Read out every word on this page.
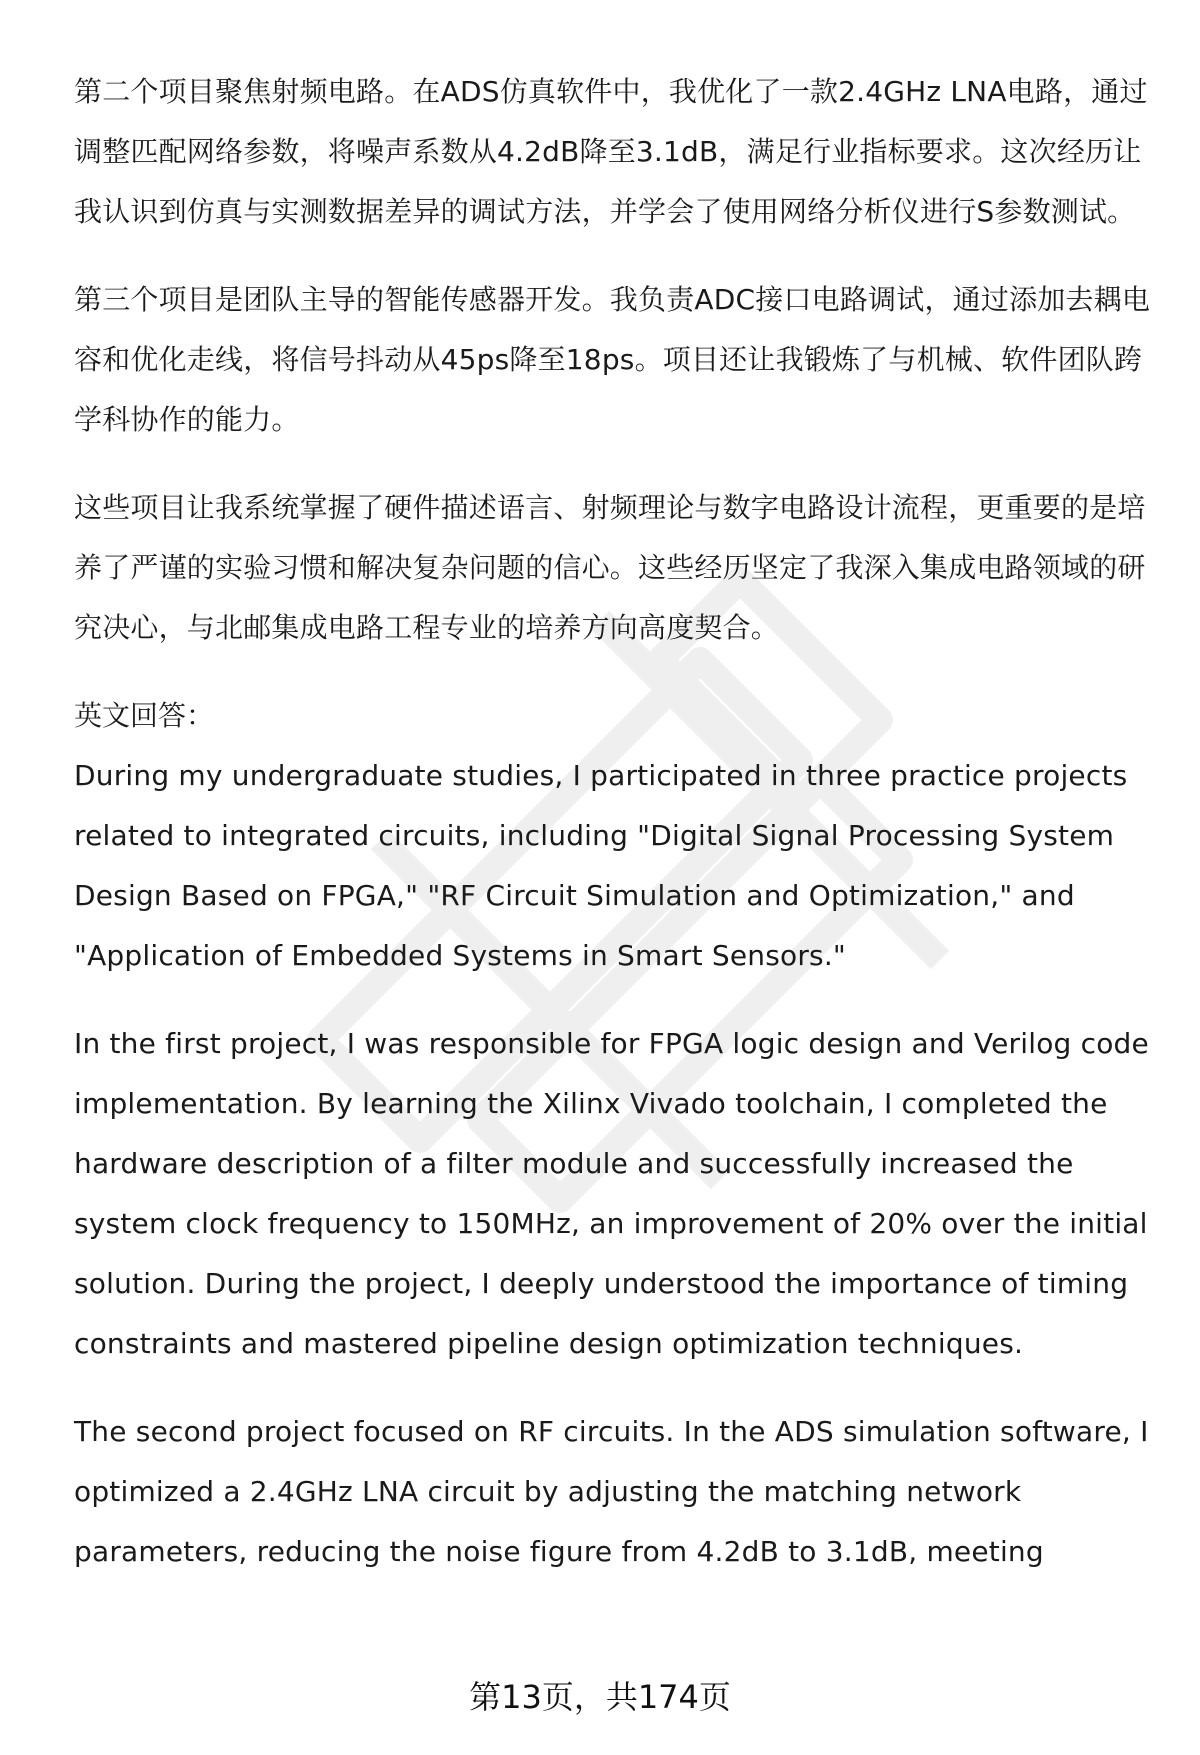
第二个项目聚焦射频电路。在ADS仿真软件中，我优化了一款2.4GHz LNA电路，通过调整匹配网络参数，将噪声系数从4.2dB降至3.1dB，满足行业指标要求。这次经历让我认识到仿真与实测数据差异的调试方法，并学会了使用网络分析仪进行S参数测试。

第三个项目是团队主导的智能传感器开发。我负责ADC接口电路调试，通过添加去耦电容和优化走线，将信号抖动从45ps降至18ps。项目还让我锻炼了与机械、软件团队跨学科协作的能力。

这些项目让我系统掌握了硬件描述语言、射频理论与数字电路设计流程，更重要的是培养了严谨的实验习惯和解决复杂问题的信心。这些经历坚定了我深入集成电路领域的研究决心，与北邮集成电路工程专业的培养方向高度契合。

英文回答：

During my undergraduate studies, I participated in three practice projects related to integrated circuits, including "Digital Signal Processing System Design Based on FPGA," "RF Circuit Simulation and Optimization," and "Application of Embedded Systems in Smart Sensors."

In the first project, I was responsible for FPGA logic design and Verilog code implementation. By learning the Xilinx Vivado toolchain, I completed the hardware description of a filter module and successfully increased the system clock frequency to 150MHz, an improvement of 20% over the initial solution. During the project, I deeply understood the importance of timing constraints and mastered pipeline design optimization techniques.

The second project focused on RF circuits. In the ADS simulation software, I optimized a 2.4GHz LNA circuit by adjusting the matching network parameters, reducing the noise figure from 4.2dB to 3.1dB, meeting

第13页，共174页
